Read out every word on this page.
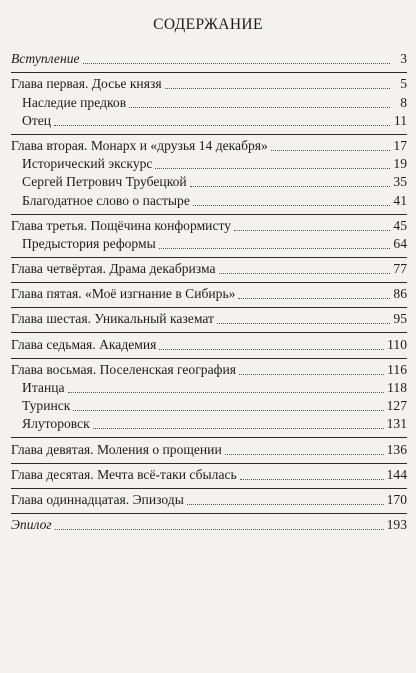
СОДЕРЖАНИЕ
Вступление	3
Глава первая. Досье князя	5
Наследие предков	8
Отец	11
Глава вторая. Монарх и «друзья 14 декабря»	17
Исторический экскурс	19
Сергей Петрович Трубецкой	35
Благодатное слово о пастыре	41
Глава третья. Пощёчина конформисту	45
Предыстория реформы	64
Глава четвёртая. Драма декабризма	77
Глава пятая. «Моё изгнание в Сибирь»	86
Глава шестая. Уникальный каземат	95
Глава седьмая. Академия	110
Глава восьмая. Поселенская география	116
Итанца	118
Туринск	127
Ялуторовск	131
Глава девятая. Моления о прощении	136
Глава десятая. Мечта всё-таки сбылась	144
Глава одиннадцатая. Эпизоды	170
Эпилог	193
